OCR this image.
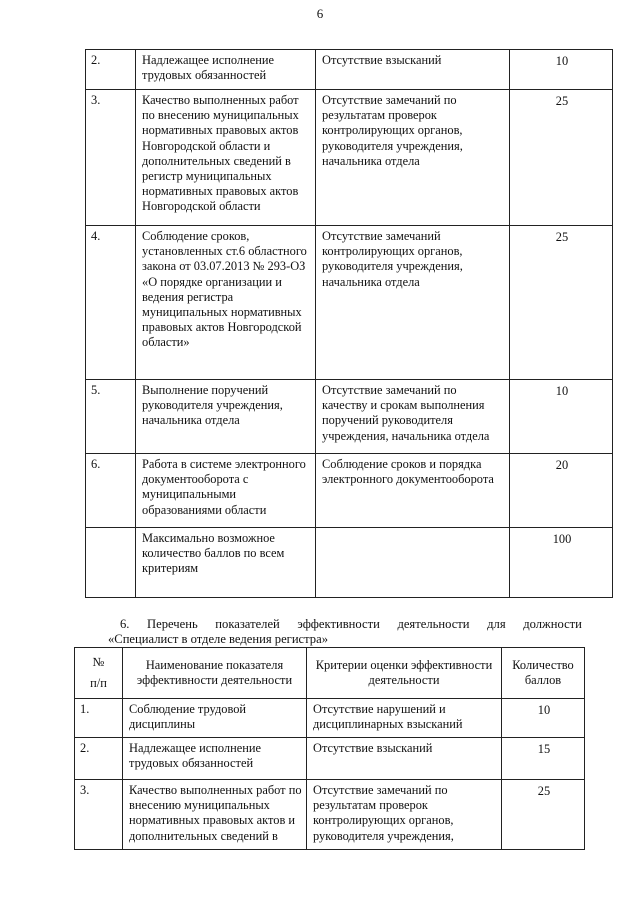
6
2.	Надлежащее исполнение трудовых обязанностей	Отсутствие взысканий	10
3.	Качество выполненных работ по внесению муниципальных нормативных правовых актов Новгородской области и дополнительных сведений в регистр муниципальных нормативных правовых актов Новгородской области	Отсутствие замечаний по результатам проверок контролирующих органов, руководителя учреждения, начальника отдела	25
4.	Соблюдение сроков, установленных ст.6 областного закона от 03.07.2013 № 293-ОЗ «О порядке организации и ведения регистра муниципальных нормативных правовых актов Новгородской области»	Отсутствие замечаний контролирующих органов, руководителя учреждения, начальника отдела	25
5.	Выполнение поручений руководителя учреждения, начальника отдела	Отсутствие замечаний по качеству и срокам выполнения поручений руководителя учреждения, начальника отдела	10
6.	Работа в системе электронного документооборота с муниципальными образованиями области	Соблюдение сроков и порядка электронного документооборота	20
	Максимально возможное количество баллов по всем критериям		100
6. Перечень показателей эффективности деятельности для должности
«Специалист в отделе ведения регистра»
№
п/п	Наименование показателя эффективности деятельности	Критерии оценки эффективности деятельности	Количество баллов
1.	Соблюдение трудовой дисциплины	Отсутствие нарушений и дисциплинарных взысканий	10
2.	Надлежащее исполнение трудовых обязанностей	Отсутствие взысканий	15
3.	Качество выполненных работ по внесению муниципальных нормативных правовых актов и дополнительных сведений в	Отсутствие замечаний по результатам проверок контролирующих органов, руководителя учреждения,	25
